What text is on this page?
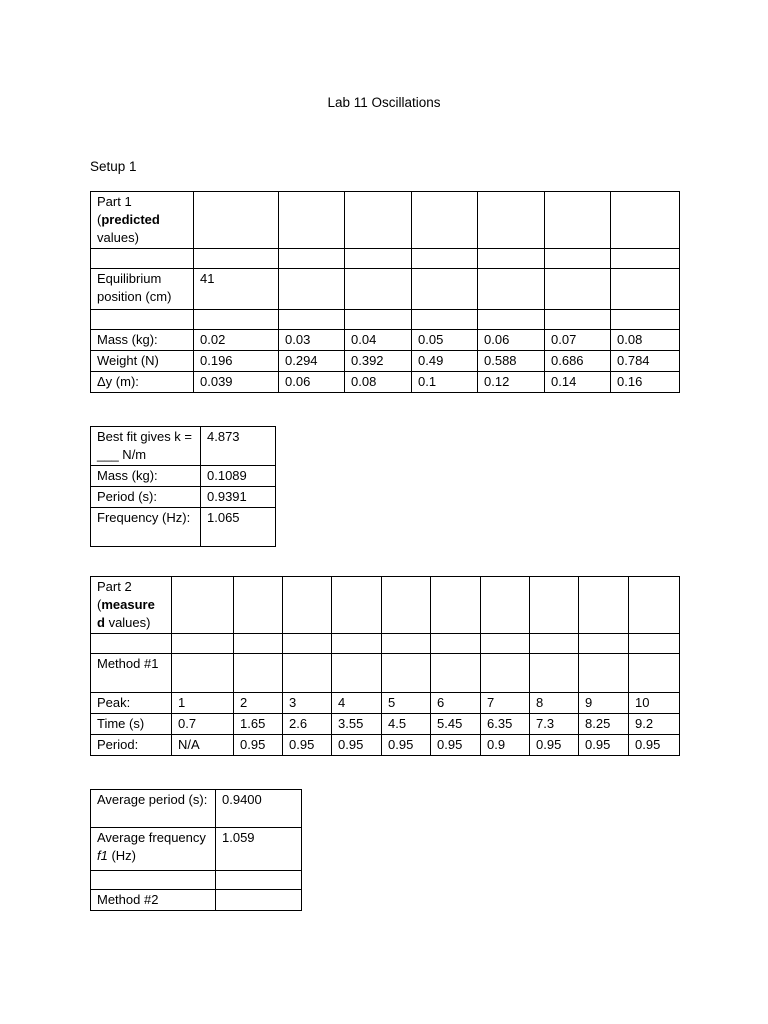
Lab 11 Oscillations
Setup 1
Part 1
(predicted
values)							

Equilibrium position (cm)	41						

Mass (kg):	0.02	0.03	0.04	0.05	0.06	0.07	0.08
Weight (N)	0.196	0.294	0.392	0.49	0.588	0.686	0.784
Δy (m):	0.039	0.06	0.08	0.1	0.12	0.14	0.16
Best fit gives k = ___ N/m	4.873
Mass (kg):	0.1089
Period (s):	0.9391
Frequency (Hz):	1.065
Part 2
(measure
d values)										

Method #1										
Peak:	1	2	3	4	5	6	7	8	9	10
Time (s)	0.7	1.65	2.6	3.55	4.5	5.45	6.35	7.3	8.25	9.2
Period:	N/A	0.95	0.95	0.95	0.95	0.95	0.9	0.95	0.95	0.95
Average period (s):	0.9400
Average frequency f1 (Hz)	1.059

Method #2	
